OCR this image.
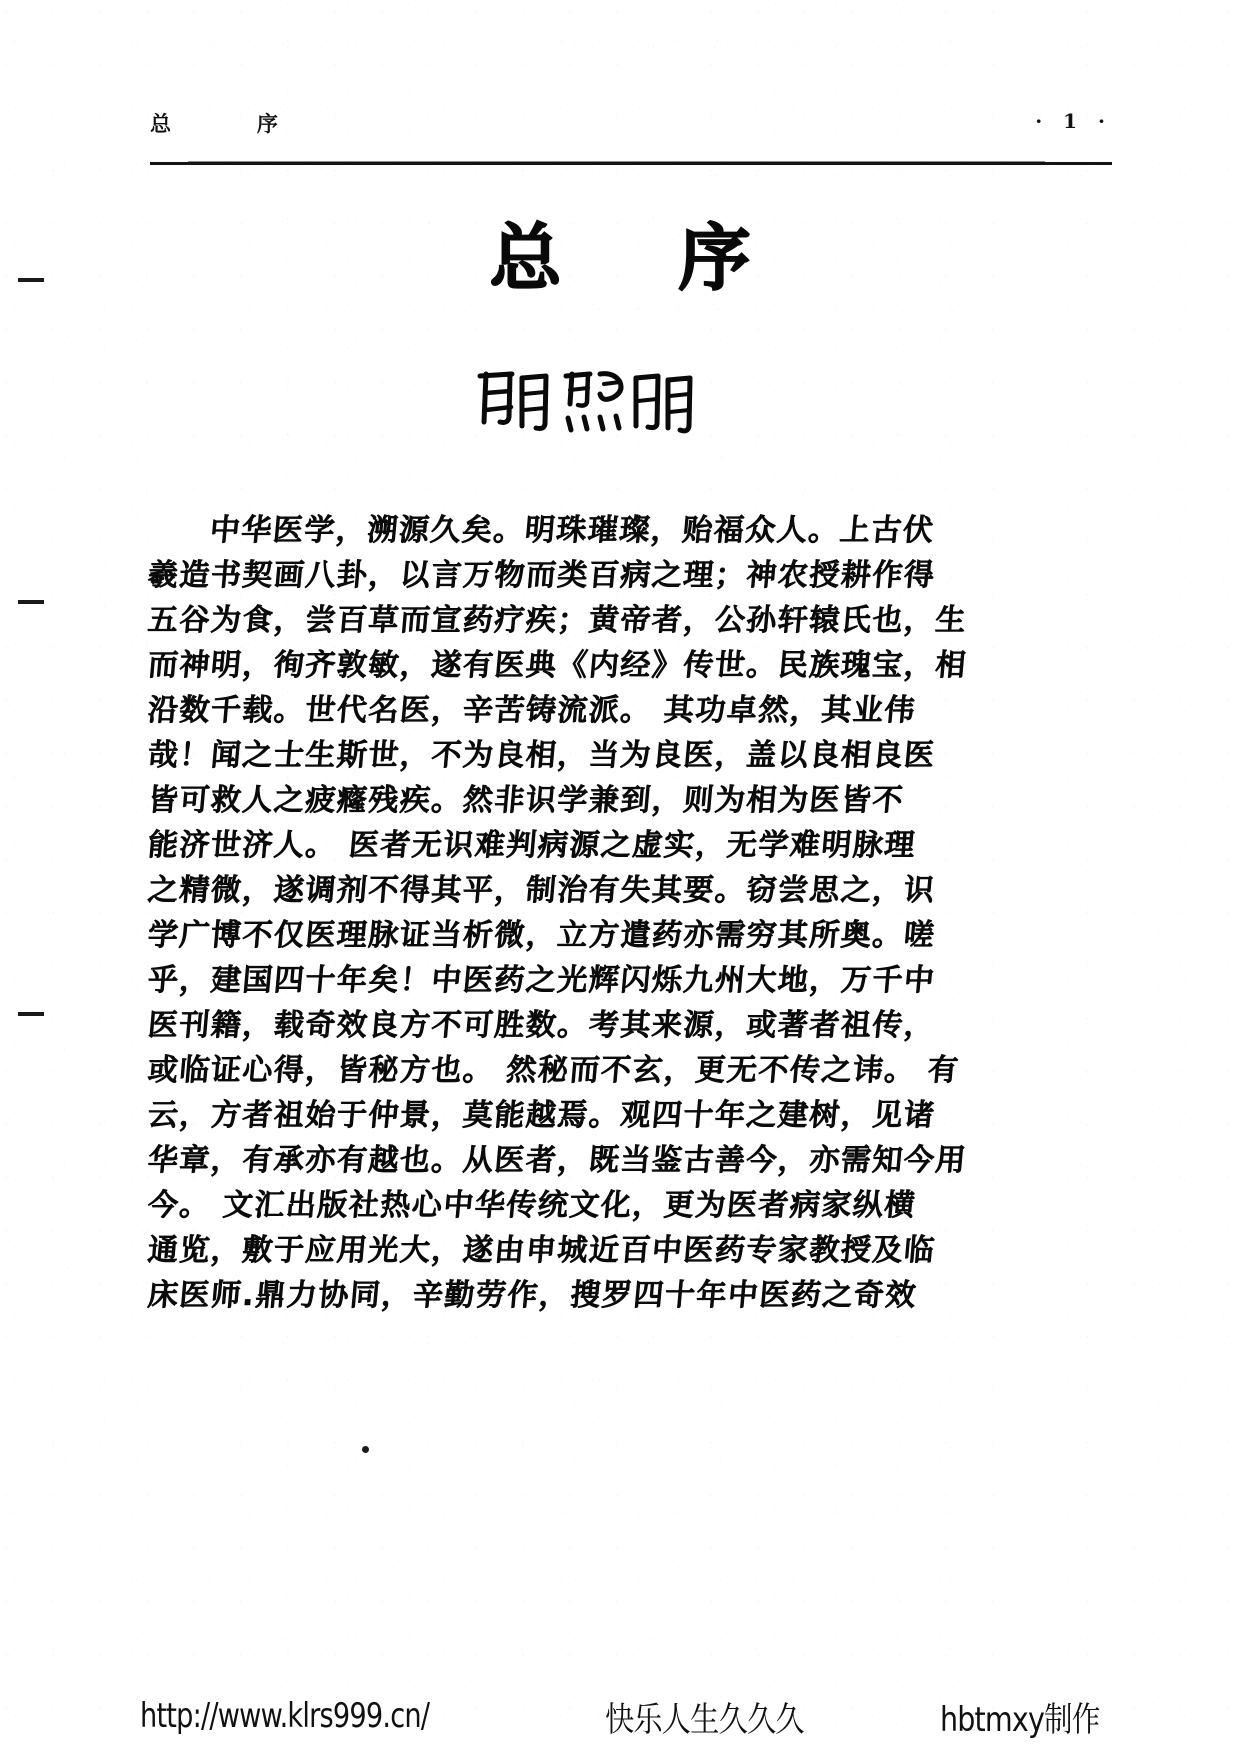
总   序	· 1 ·
总 序
中华医学，溯源久矣。明珠璀璨，贻福众人。上古伏
羲造书契画八卦，以言万物而类百病之理；神农授耕作得
五谷为食，尝百草而宣药疗疾；黄帝者，公孙轩辕氏也，生
而神明，徇齐敦敏，遂有医典《内经》传世。民族瑰宝，相
沿数千载。世代名医，辛苦铸流派。 其功卓然，其业伟
哉！闻之士生斯世，不为良相，当为良医，盖以良相良医
皆可救人之疲癃残疾。然非识学兼到，则为相为医皆不
能济世济人。 医者无识难判病源之虚实，无学难明脉理
之精微，遂调剂不得其平，制治有失其要。窃尝思之，识
学广博不仅医理脉证当析微，立方遣药亦需穷其所奥。嗟
乎，建国四十年矣！中医药之光辉闪烁九州大地，万千中
医刊籍，载奇效良方不可胜数。考其来源，或著者祖传，
或临证心得，皆秘方也。 然秘而不玄，更无不传之讳。 有
云，方者祖始于仲景，莫能越焉。观四十年之建树，见诸
华章，有承亦有越也。从医者，既当鉴古善今，亦需知今用
今。 文汇出版社热心中华传统文化，更为医者病家纵横
通览，敷于应用光大，遂由申城近百中医药专家教授及临
床医师.鼎力协同，辛勤劳作，搜罗四十年中医药之奇效
http://www.klrs999.cn/	快乐人生久久久	hbtmxy制作
